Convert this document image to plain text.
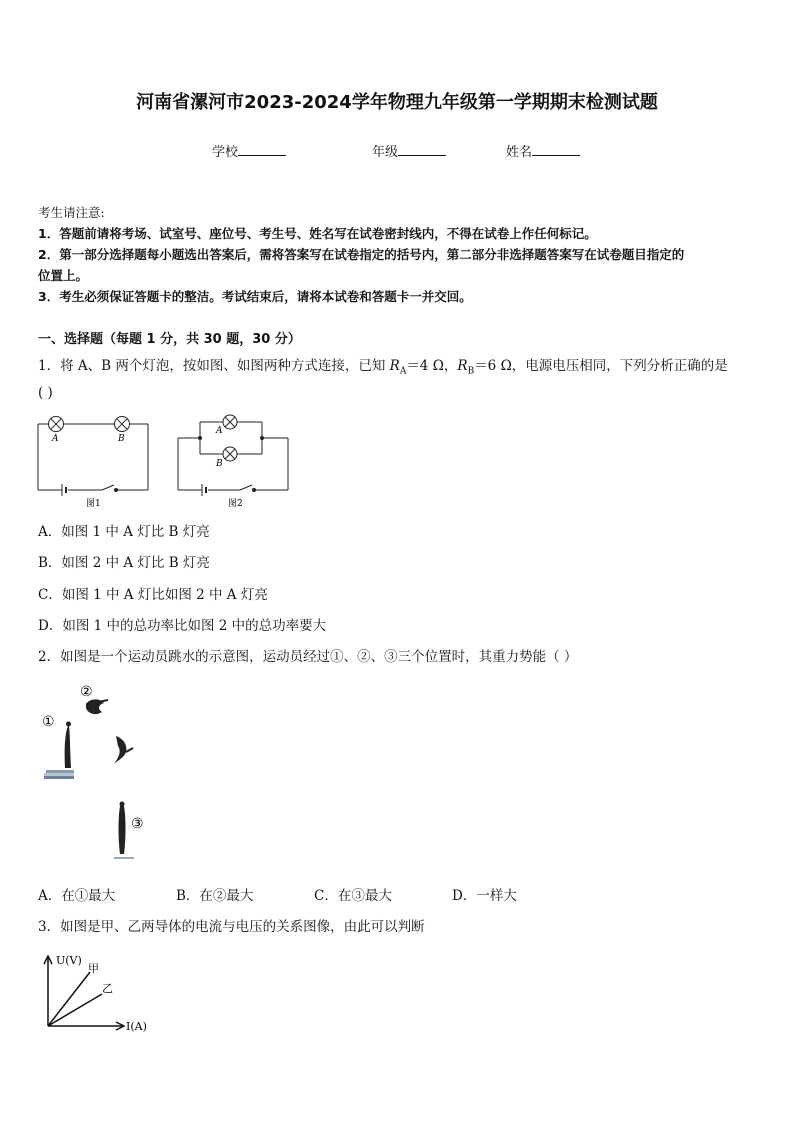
河南省漯河市2023-2024学年物理九年级第一学期期末检测试题
学校	年级	姓名
考生请注意:
1．答题前请将考场、试室号、座位号、考生号、姓名写在试卷密封线内，不得在试卷上作任何标记。
2．第一部分选择题每小题选出答案后，需将答案写在试卷指定的括号内，第二部分非选择题答案写在试卷题目指定的
位置上。
3．考生必须保证答题卡的整洁。考试结束后，请将本试卷和答题卡一并交回。
一、选择题（每题 1 分，共 30 题，30 分）
1．将 A、B 两个灯泡，按如图、如图两种方式连接，已知 $R_A=4$ Ω，$R_B=6$ Ω，电源电压相同，下列分析正确的是
( )
A	B
图1
A
B
图2
A．如图 1 中 A 灯比 B 灯亮
B．如图 2 中 A 灯比 B 灯亮
C．如图 1 中 A 灯比如图 2 中 A 灯亮
D．如图 1 中的总功率比如图 2 中的总功率要大
2．如图是一个运动员跳水的示意图，运动员经过①、②、③三个位置时，其重力势能（ ）
①
②
③
A．在①最大	B．在②最大	C．在③最大	D．一样大
3．如图是甲、乙两导体的电流与电压的关系图像，由此可以判断
U(V)
甲
乙
I(A)
